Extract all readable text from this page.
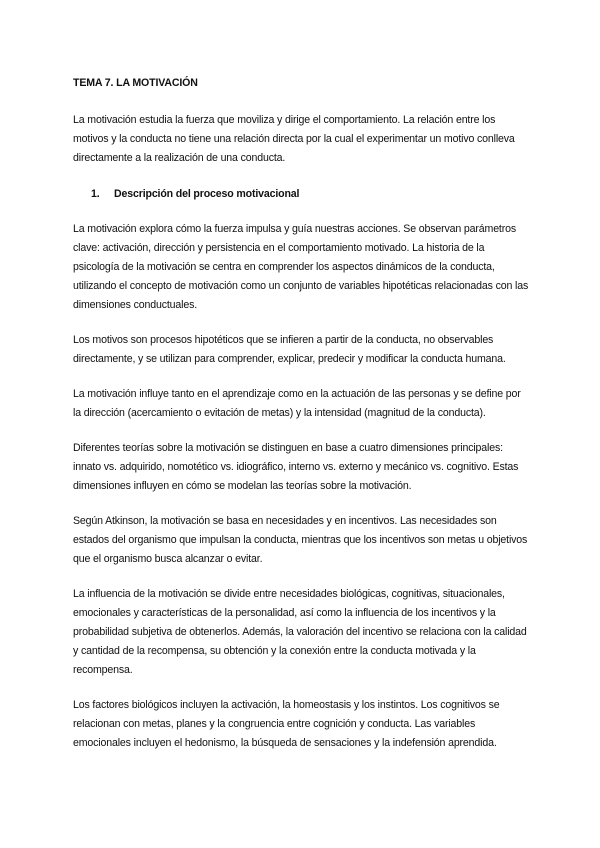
TEMA 7. LA MOTIVACIÓN
La motivación estudia la fuerza que moviliza y dirige el comportamiento. La relación entre los motivos y la conducta no tiene una relación directa por la cual el experimentar un motivo conlleva directamente a la realización de una conducta.
1.	Descripción del proceso motivacional
La motivación explora cómo la fuerza impulsa y guía nuestras acciones. Se observan parámetros clave: activación, dirección y persistencia en el comportamiento motivado. La historia de la psicología de la motivación se centra en comprender los aspectos dinámicos de la conducta, utilizando el concepto de motivación como un conjunto de variables hipotéticas relacionadas con las dimensiones conductuales.
Los motivos son procesos hipotéticos que se infieren a partir de la conducta, no observables directamente, y se utilizan para comprender, explicar, predecir y modificar la conducta humana.
La motivación influye tanto en el aprendizaje como en la actuación de las personas y se define por la dirección (acercamiento o evitación de metas) y la intensidad (magnitud de la conducta).
Diferentes teorías sobre la motivación se distinguen en base a cuatro dimensiones principales: innato vs. adquirido, nomotético vs. idiográfico, interno vs. externo y mecánico vs. cognitivo. Estas dimensiones influyen en cómo se modelan las teorías sobre la motivación.
Según Atkinson, la motivación se basa en necesidades y en incentivos. Las necesidades son estados del organismo que impulsan la conducta, mientras que los incentivos son metas u objetivos que el organismo busca alcanzar o evitar.
La influencia de la motivación se divide entre necesidades biológicas, cognitivas, situacionales, emocionales y características de la personalidad, así como la influencia de los incentivos y la probabilidad subjetiva de obtenerlos. Además, la valoración del incentivo se relaciona con la calidad y cantidad de la recompensa, su obtención y la conexión entre la conducta motivada y la recompensa.
Los factores biológicos incluyen la activación, la homeostasis y los instintos. Los cognitivos se relacionan con metas, planes y la congruencia entre cognición y conducta. Las variables emocionales incluyen el hedonismo, la búsqueda de sensaciones y la indefensión aprendida.
